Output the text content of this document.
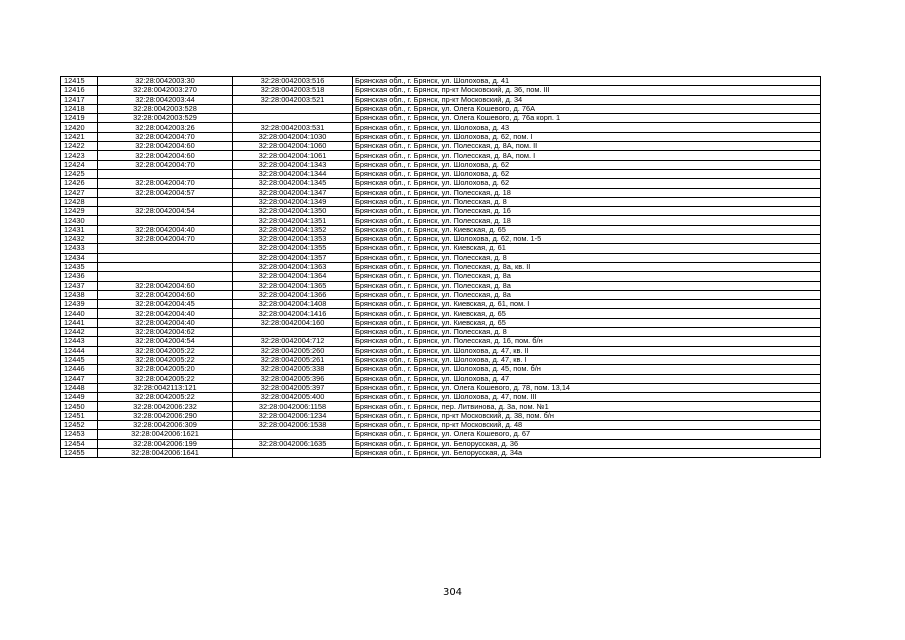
12415	32:28:0042003:30	32:28:0042003:516	Брянская обл., г. Брянск, ул. Шолохова, д. 41
12416	32:28:0042003:270	32:28:0042003:518	Брянская обл., г. Брянск, пр-кт Московский, д. 36, пом. III
12417	32:28:0042003:44	32:28:0042003:521	Брянская обл., г. Брянск, пр-кт Московский, д. 34
12418	32:28:0042003:528		Брянская обл., г. Брянск, ул. Олега Кошевого, д. 76А
12419	32:28:0042003:529		Брянская обл., г. Брянск, ул. Олега Кошевого, д. 76а корп. 1
12420	32:28:0042003:26	32:28:0042003:531	Брянская обл., г. Брянск, ул. Шолохова, д. 43
12421	32:28:0042004:70	32:28:0042004:1030	Брянская обл., г. Брянск, ул. Шолохова, д. 62, пом. I
12422	32:28:0042004:60	32:28:0042004:1060	Брянская обл., г. Брянск, ул. Полесская, д. 8А, пом. II
12423	32:28:0042004:60	32:28:0042004:1061	Брянская обл., г. Брянск, ул. Полесская, д. 8А, пом. I
12424	32:28:0042004:70	32:28:0042004:1343	Брянская обл., г. Брянск, ул. Шолохова, д. 62
12425		32:28:0042004:1344	Брянская обл., г. Брянск, ул. Шолохова, д. 62
12426	32:28:0042004:70	32:28:0042004:1345	Брянская обл., г. Брянск, ул. Шолохова, д. 62
12427	32:28:0042004:57	32:28:0042004:1347	Брянская обл., г. Брянск, ул. Полесская, д. 18
12428		32:28:0042004:1349	Брянская обл., г. Брянск, ул. Полесская, д. 8
12429	32:28:0042004:54	32:28:0042004:1350	Брянская обл., г. Брянск, ул. Полесская, д. 16
12430		32:28:0042004:1351	Брянская обл., г. Брянск, ул. Полесская, д. 18
12431	32:28:0042004:40	32:28:0042004:1352	Брянская обл., г. Брянск, ул. Киевская, д. 65
12432	32:28:0042004:70	32:28:0042004:1353	Брянская обл., г. Брянск, ул. Шолохова, д. 62, пом. 1-5
12433		32:28:0042004:1355	Брянская обл., г. Брянск, ул. Киевская, д. 61
12434		32:28:0042004:1357	Брянская обл., г. Брянск, ул. Полесская, д. 8
12435		32:28:0042004:1363	Брянская обл., г. Брянск, ул. Полесская, д. 8а, кв. II
12436		32:28:0042004:1364	Брянская обл., г. Брянск, ул. Полесская, д. 8а
12437	32:28:0042004:60	32:28:0042004:1365	Брянская обл., г. Брянск, ул. Полесская, д. 8а
12438	32:28:0042004:60	32:28:0042004:1366	Брянская обл., г. Брянск, ул. Полесская, д. 8а
12439	32:28:0042004:45	32:28:0042004:1408	Брянская обл., г. Брянск, ул. Киевская, д. 61, пом. I
12440	32:28:0042004:40	32:28:0042004:1416	Брянская обл., г. Брянск, ул. Киевская, д. 65
12441	32:28:0042004:40	32:28:0042004:160	Брянская обл., г. Брянск, ул. Киевская, д. 65
12442	32:28:0042004:62		Брянская обл., г. Брянск, ул. Полесская, д. 8
12443	32:28:0042004:54	32:28:0042004:712	Брянская обл., г. Брянск, ул. Полесская, д. 16, пом. б/н
12444	32:28:0042005:22	32:28:0042005:260	Брянская обл., г. Брянск, ул. Шолохова, д. 47, кв. II
12445	32:28:0042005:22	32:28:0042005:261	Брянская обл., г. Брянск, ул. Шолохова, д. 47, кв. I
12446	32:28:0042005:20	32:28:0042005:338	Брянская обл., г. Брянск, ул. Шолохова, д. 45, пом. б/н
12447	32:28:0042005:22	32:28:0042005:396	Брянская обл., г. Брянск, ул. Шолохова, д. 47
12448	32:28:0042113:121	32:28:0042005:397	Брянская обл., г. Брянск, ул. Олега Кошевого, д. 78, пом. 13,14
12449	32:28:0042005:22	32:28:0042005:400	Брянская обл., г. Брянск, ул. Шолохова, д. 47, пом. III
12450	32:28:0042006:232	32:28:0042006:1158	Брянская обл., г. Брянск, пер. Литвинова, д. 3а, пом. №1
12451	32:28:0042006:290	32:28:0042006:1234	Брянская обл., г. Брянск, пр-кт Московский, д. 38, пом. б/н
12452	32:28:0042006:309	32:28:0042006:1538	Брянская обл., г. Брянск, пр-кт Московский, д. 48
12453	32:28:0042006:1621		Брянская обл., г. Брянск, ул. Олега Кошевого, д. 67
12454	32:28:0042006:199	32:28:0042006:1635	Брянская обл., г. Брянск, ул. Белорусская, д. 36
12455	32:28:0042006:1641		Брянская обл., г. Брянск, ул. Белорусская, д. 34а
304
